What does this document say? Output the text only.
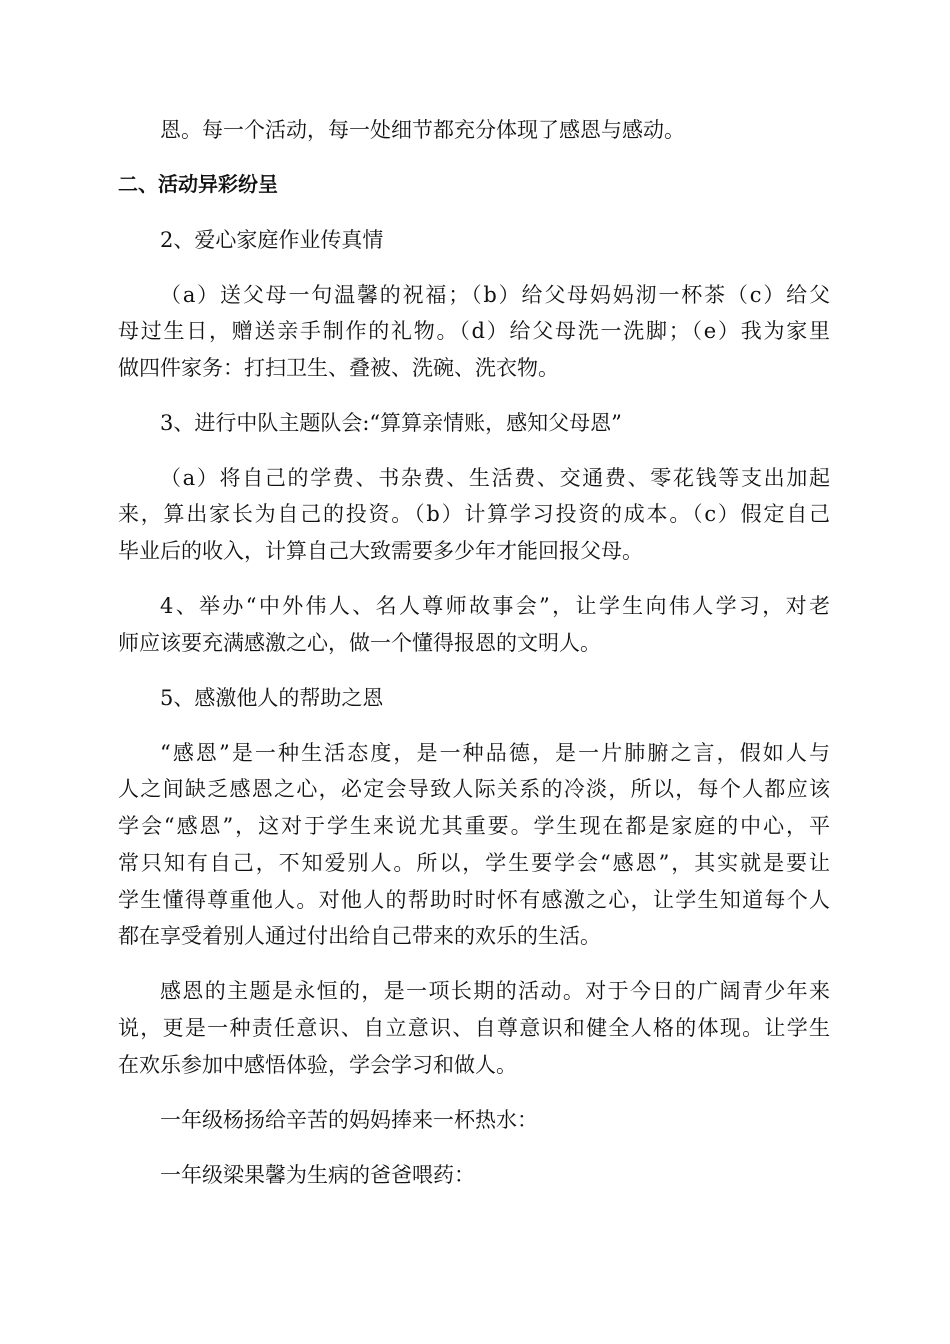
恩。每一个活动，每一处细节都充分体现了感恩与感动。
二、活动异彩纷呈
2、爱心家庭作业传真情
（a）送父母一句温馨的祝福；（b）给父母妈妈沏一杯茶（c）给父
母过生日，赠送亲手制作的礼物。（d）给父母洗一洗脚；（e）我为家里
做四件家务：打扫卫生、叠被、洗碗、洗衣物。
3、进行中队主题队会:“算算亲情账，感知父母恩”
（a）将自己的学费、书杂费、生活费、交通费、零花钱等支出加起
来，算出家长为自己的投资。（b）计算学习投资的成本。（c）假定自己
毕业后的收入，计算自己大致需要多少年才能回报父母。
4、举办“中外伟人、名人尊师故事会”，让学生向伟人学习，对老
师应该要充满感激之心，做一个懂得报恩的文明人。
5、感激他人的帮助之恩
“感恩”是一种生活态度，是一种品德，是一片肺腑之言，假如人与
人之间缺乏感恩之心，必定会导致人际关系的冷淡，所以，每个人都应该
学会“感恩”，这对于学生来说尤其重要。学生现在都是家庭的中心，平
常只知有自己，不知爱别人。所以，学生要学会“感恩”，其实就是要让
学生懂得尊重他人。对他人的帮助时时怀有感激之心，让学生知道每个人
都在享受着别人通过付出给自己带来的欢乐的生活。
感恩的主题是永恒的，是一项长期的活动。对于今日的广阔青少年来
说，更是一种责任意识、自立意识、自尊意识和健全人格的体现。让学生
在欢乐参加中感悟体验，学会学习和做人。
一年级杨扬给辛苦的妈妈捧来一杯热水：
一年级梁果馨为生病的爸爸喂药：
